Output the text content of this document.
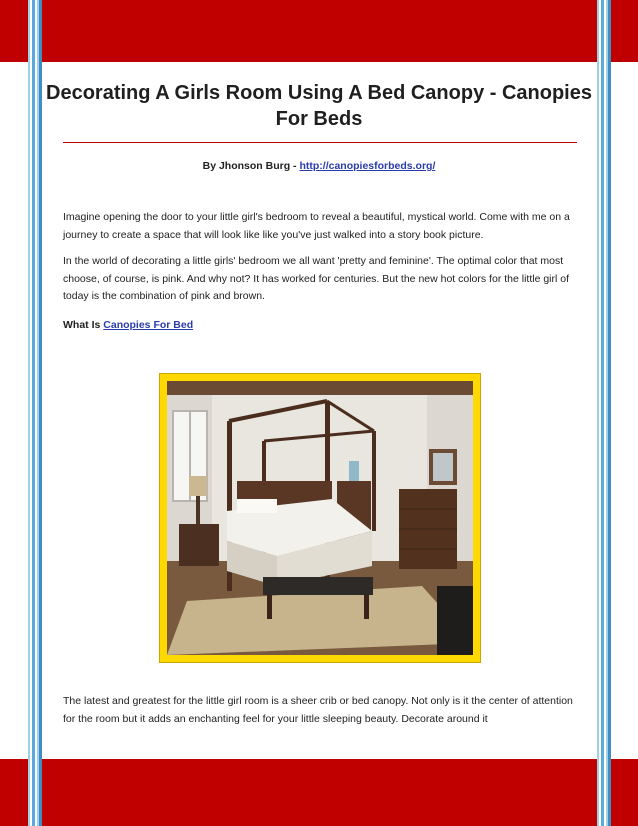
Decorating A Girls Room Using A Bed Canopy - Canopies For Beds
By Jhonson Burg - http://canopiesforbeds.org/

Imagine opening the door to your little girl's bedroom to reveal a beautiful, mystical world. Come with me on a journey to create a space that will look like like you've just walked into a story book picture.

In the world of decorating a little girls' bedroom we all want 'pretty and feminine'. The optimal color that most choose, of course, is pink. And why not? It has worked for centuries. But the new hot colors for the little girl of today is the combination of pink and brown.

What Is Canopies For Bed

The latest and greatest for the little girl room is a sheer crib or bed canopy. Not only is it the center of attention for the room but it adds an enchanting feel for your little sleeping beauty. Decorate around it
